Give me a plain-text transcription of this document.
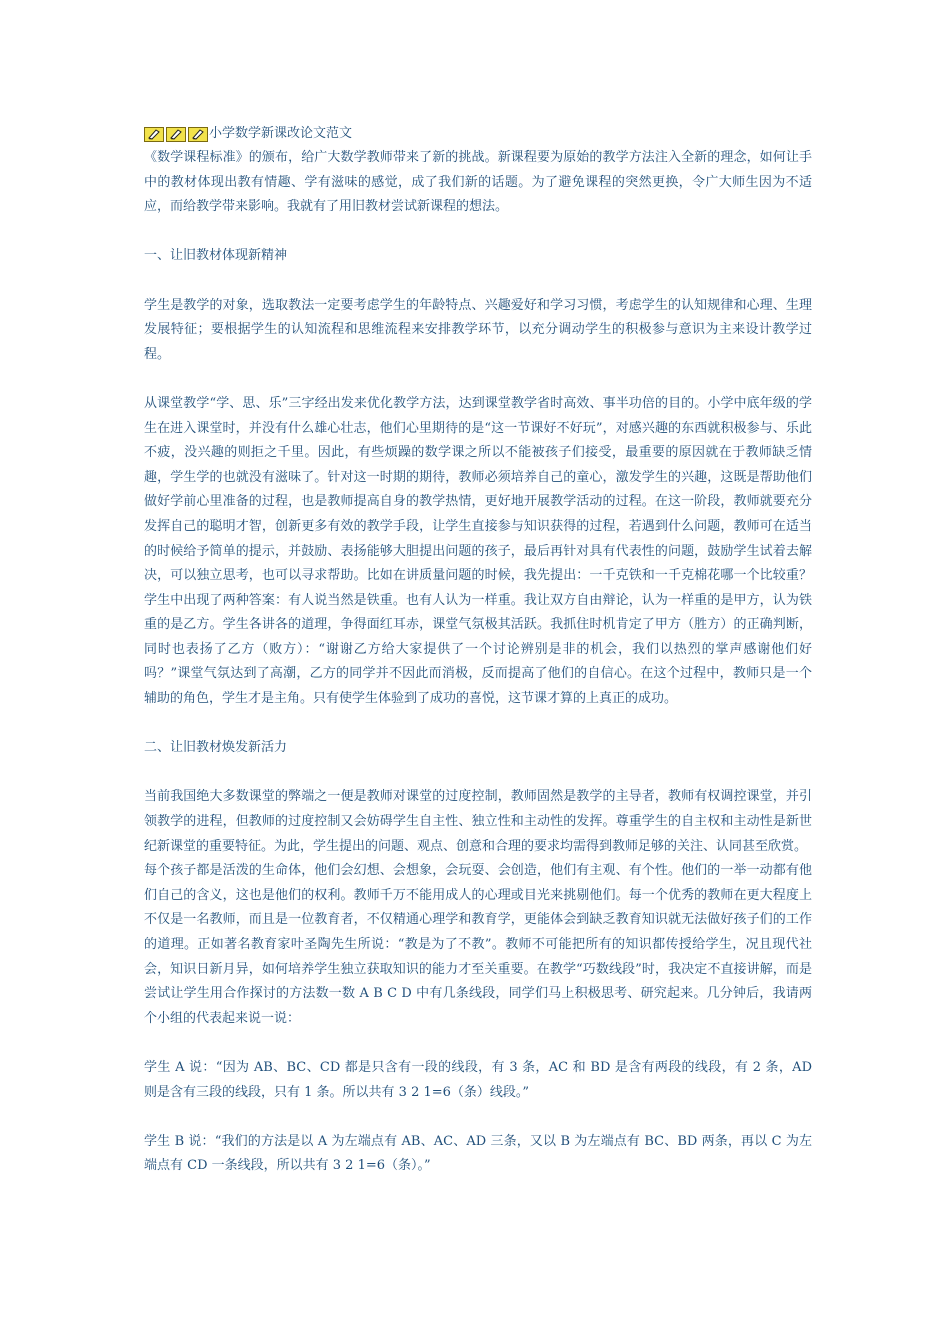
小学数学新课改论文范文

《数学课程标准》的颁布，给广大数学教师带来了新的挑战。新课程要为原始的教学方法注入全新的理念，如何让手中的教材体现出教有情趣、学有滋味的感觉，成了我们新的话题。为了避免课程的突然更换，令广大师生因为不适应，而给教学带来影响。我就有了用旧教材尝试新课程的想法。

一、让旧教材体现新精神

学生是教学的对象，选取教法一定要考虑学生的年龄特点、兴趣爱好和学习习惯，考虑学生的认知规律和心理、生理发展特征；要根据学生的认知流程和思维流程来安排教学环节，以充分调动学生的积极参与意识为主来设计教学过程。

从课堂教学“学、思、乐”三字经出发来优化教学方法，达到课堂教学省时高效、事半功倍的目的。小学中底年级的学生在进入课堂时，并没有什么雄心壮志，他们心里期待的是“这一节课好不好玩”，对感兴趣的东西就积极参与、乐此不疲，没兴趣的则拒之千里。因此，有些烦躁的数学课之所以不能被孩子们接受，最重要的原因就在于教师缺乏情趣，学生学的也就没有滋味了。针对这一时期的期待，教师必须培养自己的童心，激发学生的兴趣，这既是帮助他们做好学前心里准备的过程，也是教师提高自身的教学热情，更好地开展教学活动的过程。在这一阶段，教师就要充分发挥自己的聪明才智，创新更多有效的教学手段，让学生直接参与知识获得的过程，若遇到什么问题，教师可在适当的时候给予简单的提示，并鼓励、表扬能够大胆提出问题的孩子，最后再针对具有代表性的问题，鼓励学生试着去解决，可以独立思考，也可以寻求帮助。比如在讲质量问题的时候，我先提出：一千克铁和一千克棉花哪一个比较重？学生中出现了两种答案：有人说当然是铁重。也有人认为一样重。我让双方自由辩论，认为一样重的是甲方，认为铁重的是乙方。学生各讲各的道理，争得面红耳赤，课堂气氛极其活跃。我抓住时机肯定了甲方（胜方）的正确判断，同时也表扬了乙方（败方）：“谢谢乙方给大家提供了一个讨论辨别是非的机会，我们以热烈的掌声感谢他们好吗？”课堂气氛达到了高潮，乙方的同学并不因此而消极，反而提高了他们的自信心。在这个过程中，教师只是一个辅助的角色，学生才是主角。只有使学生体验到了成功的喜悦，这节课才算的上真正的成功。

二、让旧教材焕发新活力

当前我国绝大多数课堂的弊端之一便是教师对课堂的过度控制，教师固然是教学的主导者，教师有权调控课堂，并引领教学的进程，但教师的过度控制又会妨碍学生自主性、独立性和主动性的发挥。尊重学生的自主权和主动性是新世纪新课堂的重要特征。为此，学生提出的问题、观点、创意和合理的要求均需得到教师足够的关注、认同甚至欣赏。

每个孩子都是活泼的生命体，他们会幻想、会想象，会玩耍、会创造，他们有主观、有个性。他们的一举一动都有他们自己的含义，这也是他们的权利。教师千万不能用成人的心理或目光来挑剔他们。每一个优秀的教师在更大程度上不仅是一名教师，而且是一位教育者，不仅精通心理学和教育学，更能体会到缺乏教育知识就无法做好孩子们的工作的道理。正如著名教育家叶圣陶先生所说：“教是为了不教”。教师不可能把所有的知识都传授给学生，况且现代社会，知识日新月异，如何培养学生独立获取知识的能力才至关重要。在教学“巧数线段”时，我决定不直接讲解，而是尝试让学生用合作探讨的方法数一数 A B C D 中有几条线段，同学们马上积极思考、研究起来。几分钟后，我请两个小组的代表起来说一说：

学生 A 说：“因为 AB、BC、CD 都是只含有一段的线段，有 3 条，AC 和 BD 是含有两段的线段，有 2 条，AD 则是含有三段的线段，只有 1 条。所以共有 3 2 1=6（条）线段。”

学生 B 说：“我们的方法是以 A 为左端点有 AB、AC、AD 三条，又以 B 为左端点有 BC、BD 两条，再以 C 为左端点有 CD 一条线段，所以共有 3 2 1=6（条）。”
